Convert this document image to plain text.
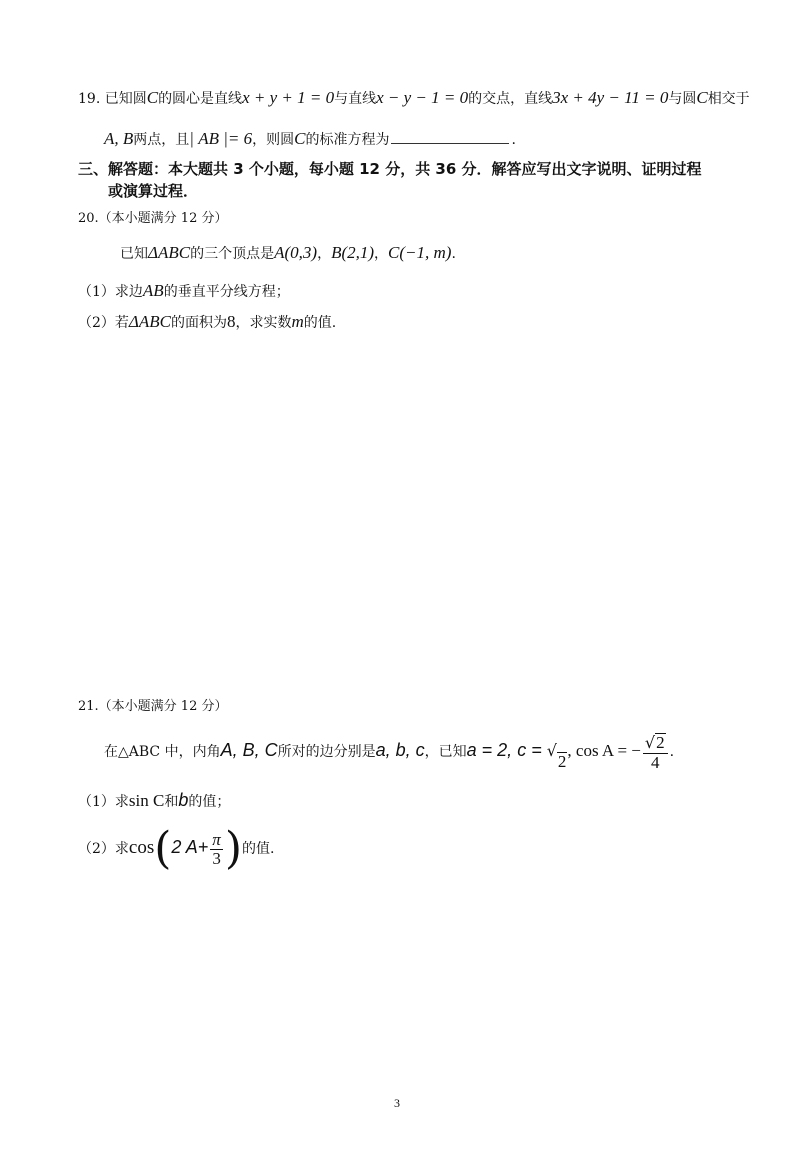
19. 已知圆C的圆心是直线x + y + 1 = 0与直线x − y − 1 = 0的交点，直线3x + 4y − 11 = 0与圆C相交于
A, B两点，且| AB |= 6，则圆C的标准方程为	.
三、解答题：本大题共 3 个小题，每小题 12 分，共 36 分．解答应写出文字说明、证明过程
或演算过程．
20.（本小题满分 12 分）
已知ΔABC的三个顶点是A(0,3)，B(2,1)，C(−1, m).
（1）求边AB的垂直平分线方程；
（2）若ΔABC的面积为8，求实数m的值.
21.（本小题满分 12 分）
在△ABC 中，内角A, B, C所对的边分别是a, b, c，已知a = 2, c = √
2
, cos A = − $\frac{√ 2}{4}$ .
（1）求sin C和b的值；
（2）求cos(2 $A+ \frac{\pi}{3}$ )的值.
3
